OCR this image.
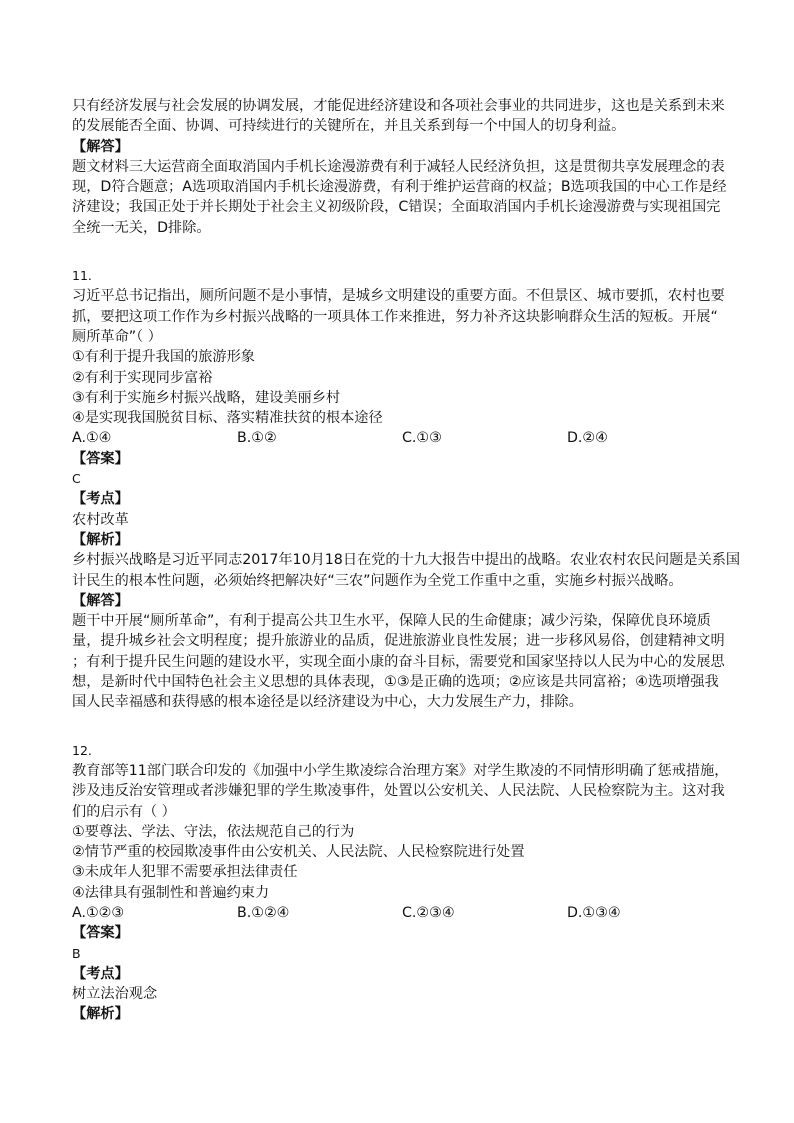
只有经济发展与社会发展的协调发展，才能促进经济建设和各项社会事业的共同进步，这也是关系到未来
的发展能否全面、协调、可持续进行的关键所在，并且关系到每一个中国人的切身利益。
【解答】
题文材料三大运营商全面取消国内手机长途漫游费有利于减轻人民经济负担，这是贯彻共享发展理念的表
现，D符合题意；A选项取消国内手机长途漫游费，有利于维护运营商的权益；B选项我国的中心工作是经
济建设；我国正处于并长期处于社会主义初级阶段，C错误；全面取消国内手机长途漫游费与实现祖国完
全统一无关，D排除。
11.
习近平总书记指出，厕所问题不是小事情，是城乡文明建设的重要方面。不但景区、城市要抓，农村也要
抓，要把这项工作作为乡村振兴战略的一项具体工作来推进，努力补齐这块影响群众生活的短板。开展“
厕所革命”（ ）
①有利于提升我国的旅游形象
②有利于实现同步富裕
③有利于实施乡村振兴战略，建设美丽乡村
④是实现我国脱贫目标、落实精准扶贫的根本途径
A.①④	B.①②	C.①③	D.②④
【答案】
C
【考点】
农村改革
【解析】
乡村振兴战略是习近平同志2017年10月18日在党的十九大报告中提出的战略。农业农村农民问题是关系国
计民生的根本性问题，必须始终把解决好“三农”问题作为全党工作重中之重，实施乡村振兴战略。
【解答】
题干中开展“厕所革命”，有利于提高公共卫生水平，保障人民的生命健康；减少污染，保障优良环境质
量，提升城乡社会文明程度；提升旅游业的品质，促进旅游业良性发展；进一步移风易俗，创建精神文明
；有利于提升民生问题的建设水平，实现全面小康的奋斗目标，需要党和国家坚持以人民为中心的发展思
想，是新时代中国特色社会主义思想的具体表现，①③是正确的选项；②应该是共同富裕；④选项增强我
国人民幸福感和获得感的根本途径是以经济建设为中心，大力发展生产力，排除。
12.
教育部等11部门联合印发的《加强中小学生欺凌综合治理方案》对学生欺凌的不同情形明确了惩戒措施，
涉及违反治安管理或者涉嫌犯罪的学生欺凌事件，处置以公安机关、人民法院、人民检察院为主。这对我
们的启示有（ ）
①要尊法、学法、守法，依法规范自己的行为
②情节严重的校园欺凌事件由公安机关、人民法院、人民检察院进行处置
③未成年人犯罪不需要承担法律责任
④法律具有强制性和普遍约束力
A.①②③	B.①②④	C.②③④	D.①③④
【答案】
B
【考点】
树立法治观念
【解析】
